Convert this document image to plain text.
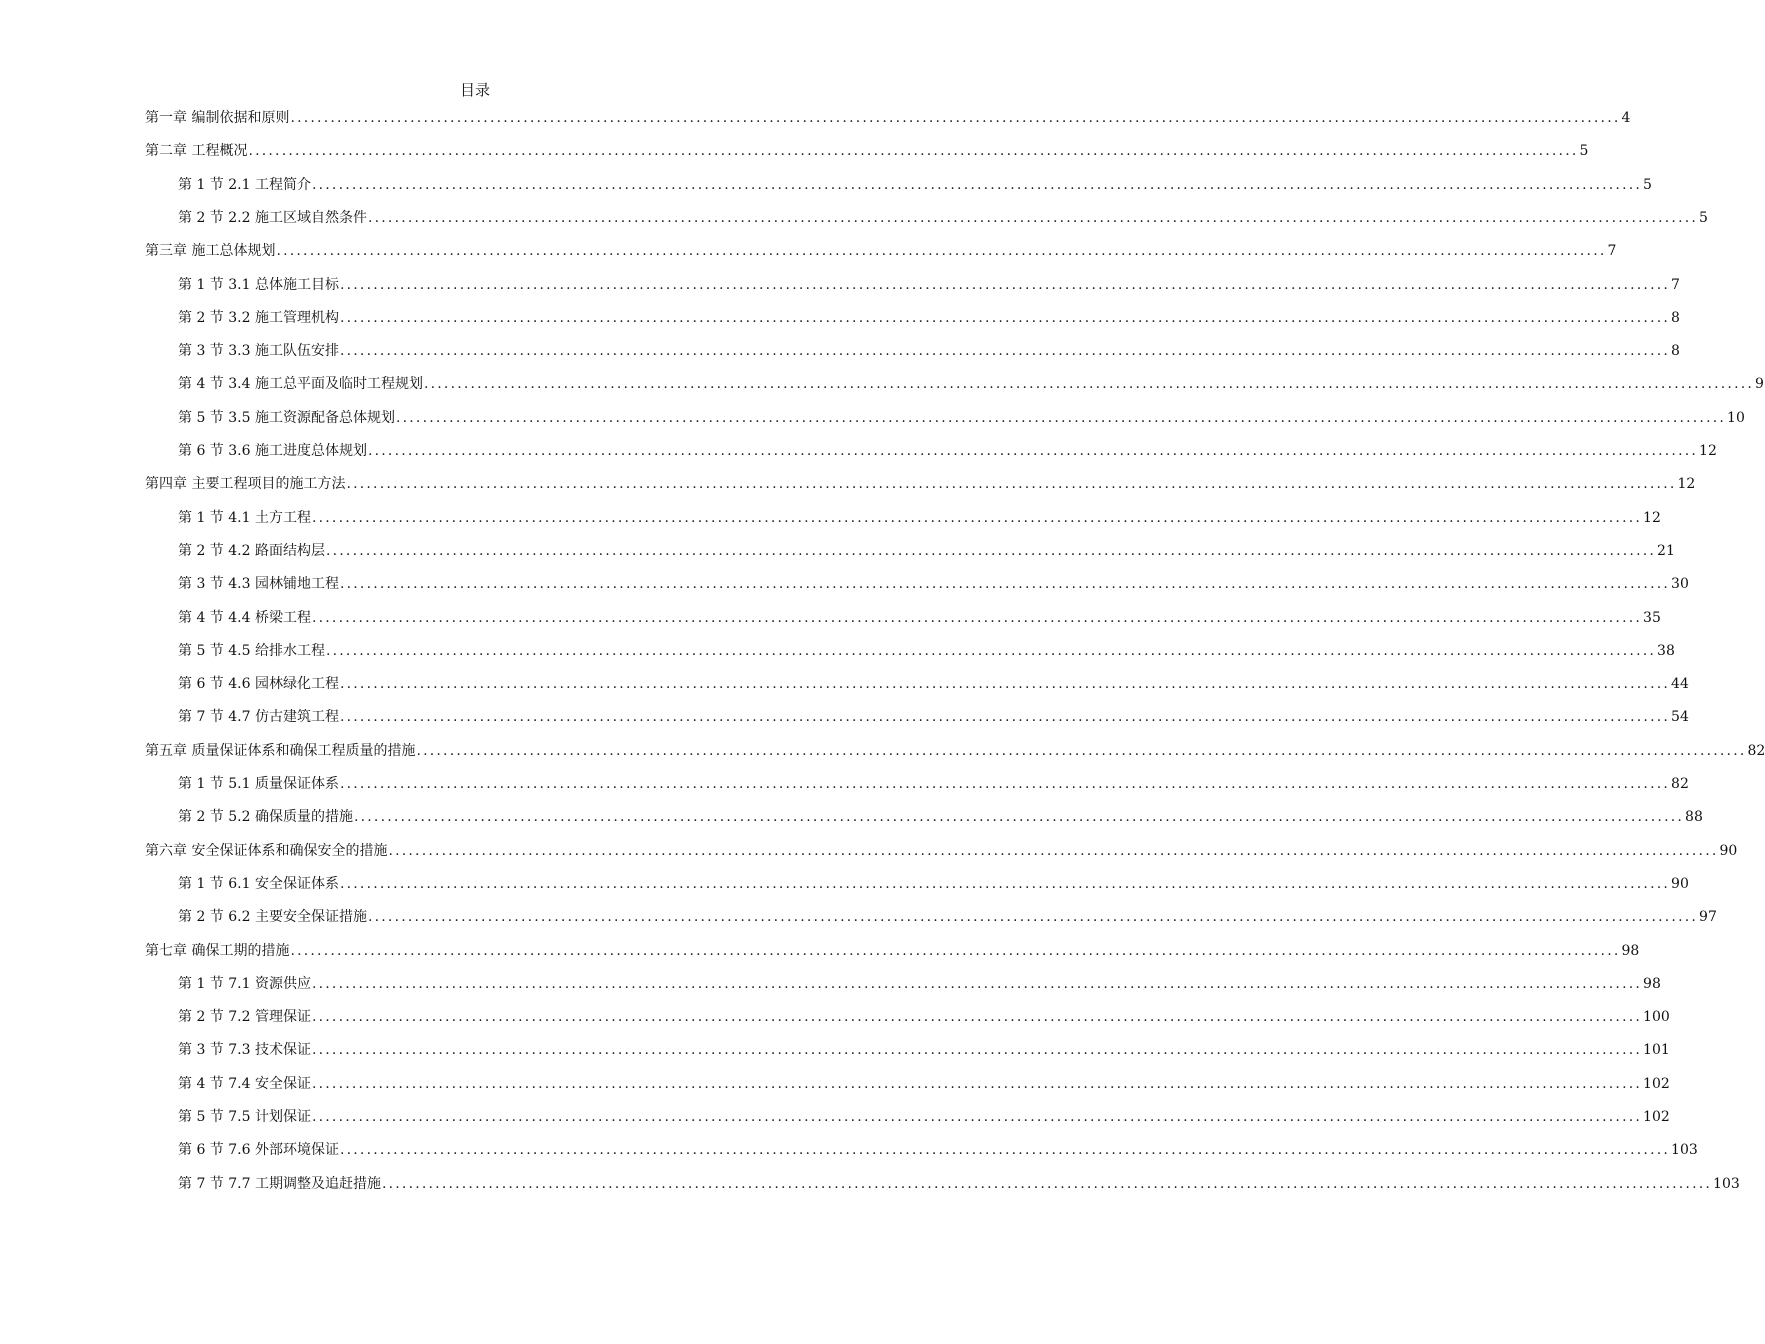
目录
第一章 编制依据和原则 ........................................................................................................................................................................................................ 4
第二章 工程概况 ........................................................................................................................................................................................................ 5
第 1 节 2.1 工程简介 ........................................................................................................................................................................................................ 5
第 2 节 2.2 施工区域自然条件 ........................................................................................................................................................................................................ 5
第三章 施工总体规划 ........................................................................................................................................................................................................ 7
第 1 节 3.1 总体施工目标 ........................................................................................................................................................................................................ 7
第 2 节 3.2 施工管理机构 ........................................................................................................................................................................................................ 8
第 3 节 3.3 施工队伍安排 ........................................................................................................................................................................................................ 8
第 4 节 3.4 施工总平面及临时工程规划 ........................................................................................................................................................................................................ 9
第 5 节 3.5 施工资源配备总体规划 ........................................................................................................................................................................................................ 10
第 6 节 3.6 施工进度总体规划 ........................................................................................................................................................................................................ 12
第四章 主要工程项目的施工方法 ........................................................................................................................................................................................................ 12
第 1 节 4.1 土方工程 ........................................................................................................................................................................................................ 12
第 2 节 4.2 路面结构层 ........................................................................................................................................................................................................ 21
第 3 节 4.3 园林铺地工程 ........................................................................................................................................................................................................ 30
第 4 节 4.4 桥梁工程 ........................................................................................................................................................................................................ 35
第 5 节 4.5 给排水工程 ........................................................................................................................................................................................................ 38
第 6 节 4.6 园林绿化工程 ........................................................................................................................................................................................................ 44
第 7 节 4.7 仿古建筑工程 ........................................................................................................................................................................................................ 54
第五章 质量保证体系和确保工程质量的措施 ........................................................................................................................................................................................................ 82
第 1 节 5.1 质量保证体系 ........................................................................................................................................................................................................ 82
第 2 节 5.2 确保质量的措施 ........................................................................................................................................................................................................ 88
第六章 安全保证体系和确保安全的措施 ........................................................................................................................................................................................................ 90
第 1 节 6.1 安全保证体系 ........................................................................................................................................................................................................ 90
第 2 节 6.2 主要安全保证措施 ........................................................................................................................................................................................................ 97
第七章 确保工期的措施 ........................................................................................................................................................................................................ 98
第 1 节 7.1 资源供应 ........................................................................................................................................................................................................ 98
第 2 节 7.2 管理保证 ........................................................................................................................................................................................................ 100
第 3 节 7.3 技术保证 ........................................................................................................................................................................................................ 101
第 4 节 7.4 安全保证 ........................................................................................................................................................................................................ 102
第 5 节 7.5 计划保证 ........................................................................................................................................................................................................ 102
第 6 节 7.6 外部环境保证 ........................................................................................................................................................................................................ 103
第 7 节 7.7 工期调整及追赶措施 ........................................................................................................................................................................................................ 103
